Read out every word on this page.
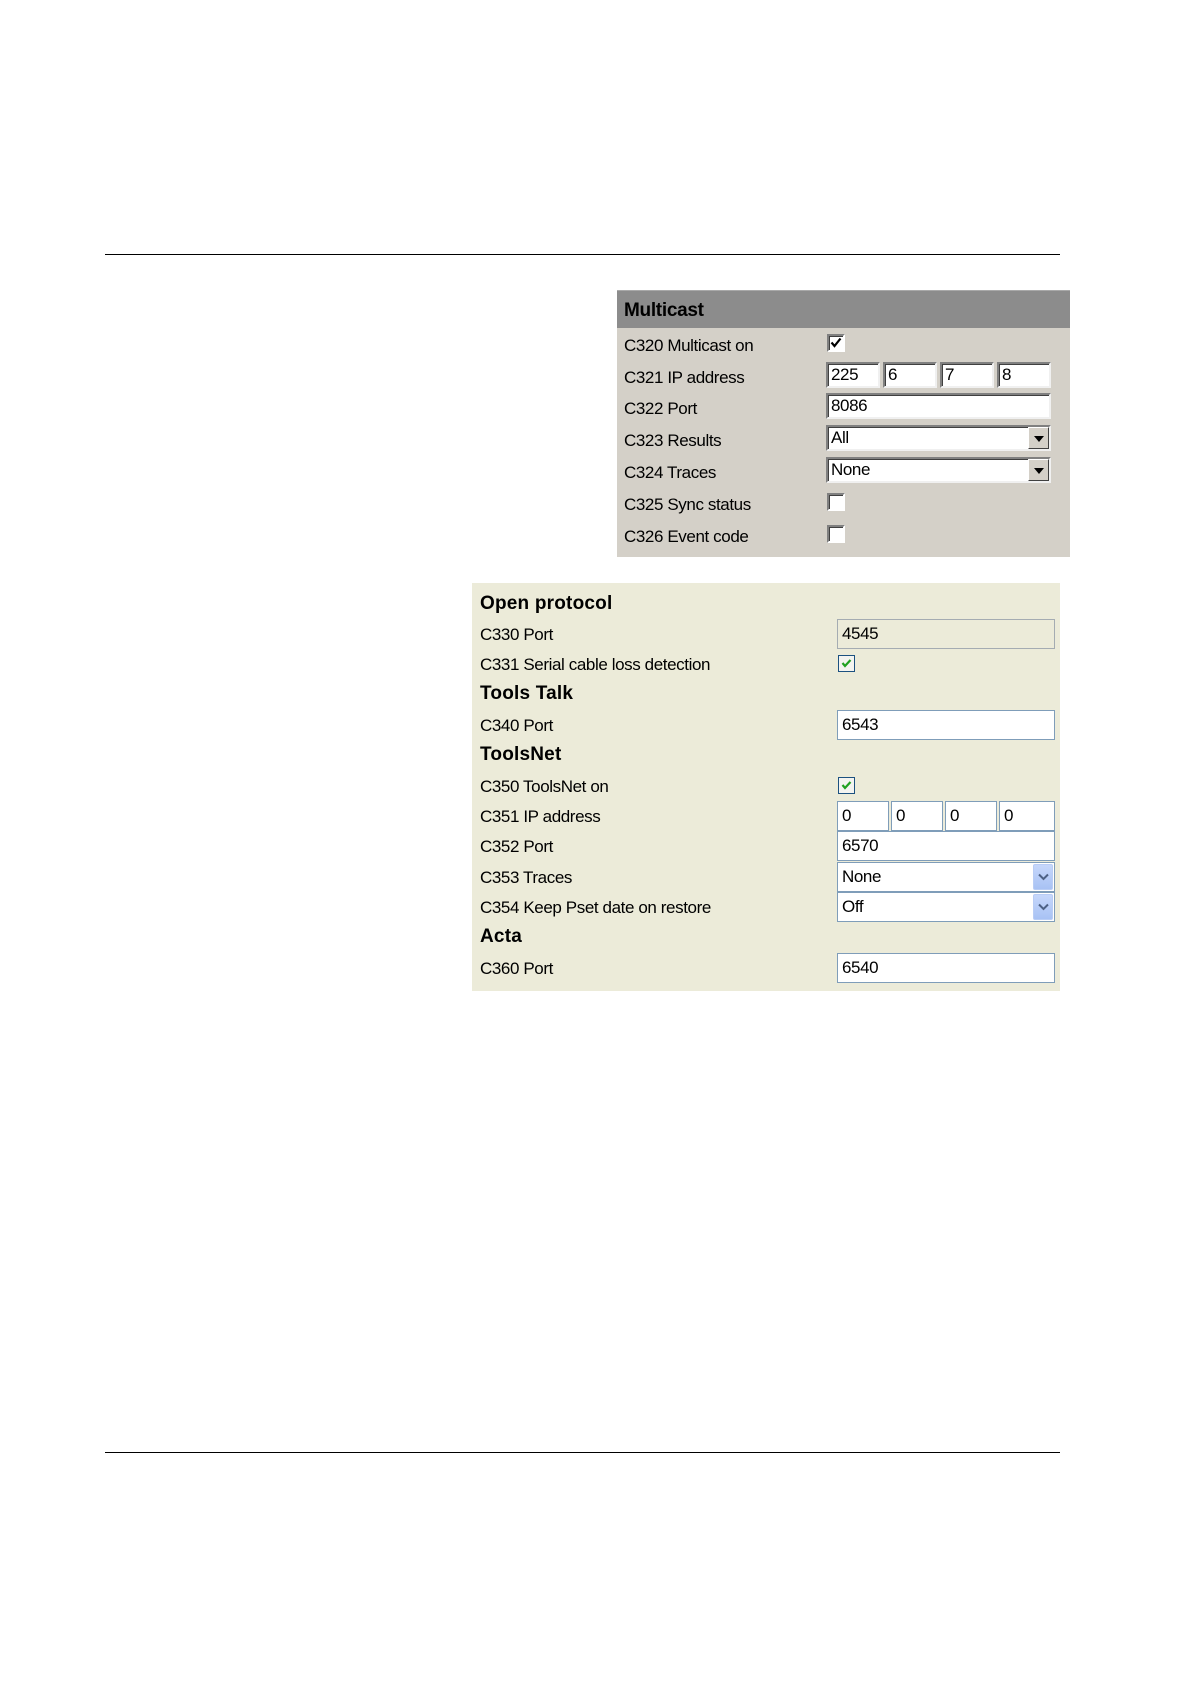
Multicast
C320 Multicast on
C321 IP address	225	6	7	8
C322 Port	8086
C323 Results	All
C324 Traces	None
C325 Sync status
C326 Event code
Open protocol
C330 Port	4545
C331 Serial cable loss detection
Tools Talk
C340 Port	6543
ToolsNet
C350 ToolsNet on
C351 IP address	0	0	0	0
C352 Port	6570
C353 Traces	None
C354 Keep Pset date on restore	Off
Acta
C360 Port	6540
